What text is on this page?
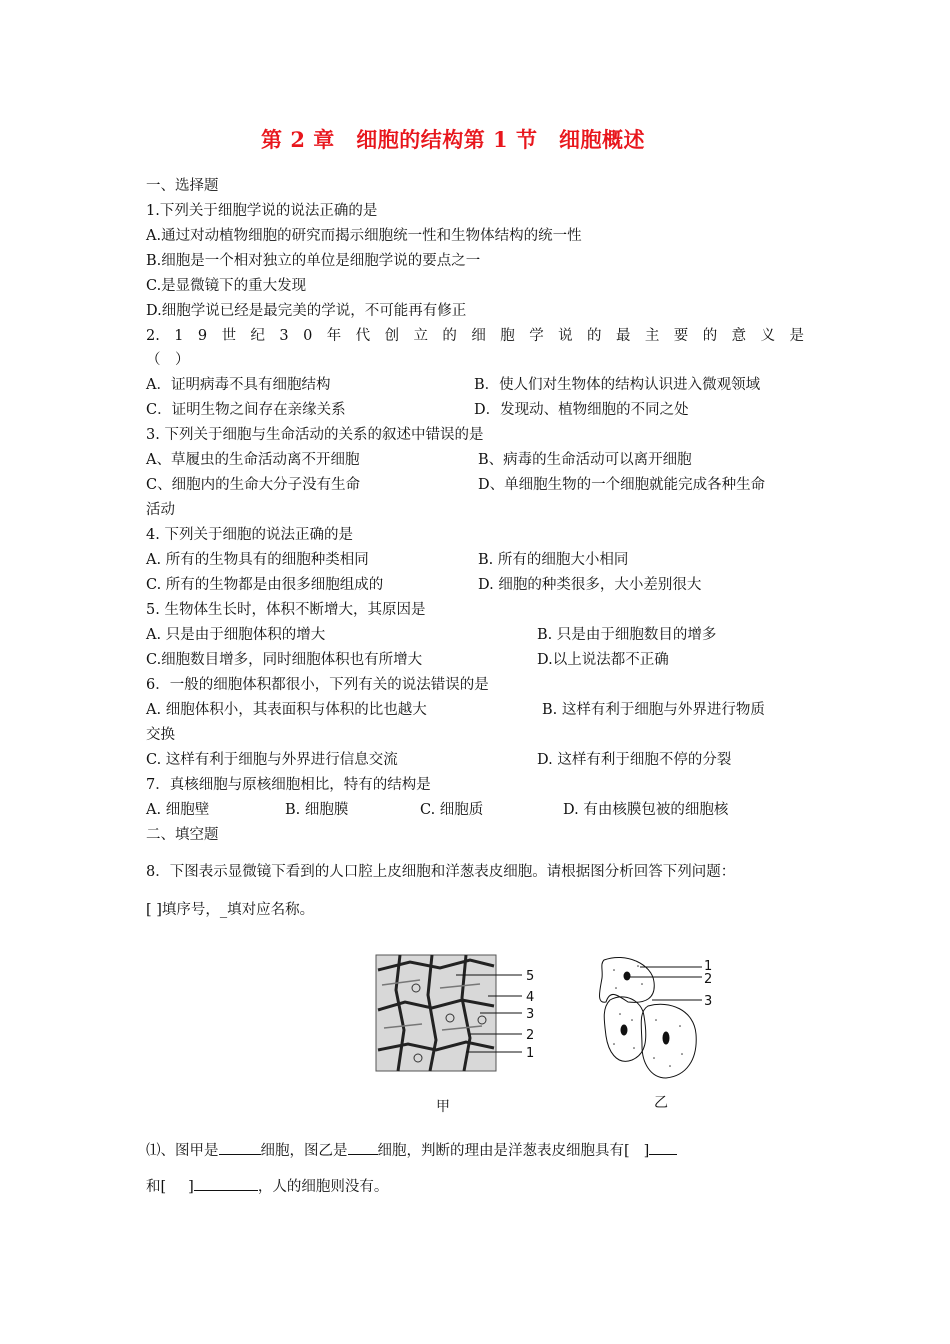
第 2 章　细胞的结构第 1 节　细胞概述
一、选择题
1.下列关于细胞学说的说法正确的是
A.通过对动植物细胞的研究而揭示细胞统一性和生物体结构的统一性
B.细胞是一个相对独立的单位是细胞学说的要点之一
C.是显微镜下的重大发现
D.细胞学说已经是最完美的学说，不可能再有修正
2. 1 9 世 纪 3 0 年 代 创 立 的 细 胞 学 说 的 最 主 要 的 意 义 是
（　）
A．证明病毒不具有细胞结构	B．使人们对生物体的结构认识进入微观领域
C．证明生物之间存在亲缘关系	D．发现动、植物细胞的不同之处
3. 下列关于细胞与生命活动的关系的叙述中错误的是
A、草履虫的生命活动离不开细胞	B、病毒的生命活动可以离开细胞
C、细胞内的生命大分子没有生命	D、单细胞生物的一个细胞就能完成各种生命
活动
4. 下列关于细胞的说法正确的是
A. 所有的生物具有的细胞种类相同	B. 所有的细胞大小相同
C. 所有的生物都是由很多细胞组成的	D. 细胞的种类很多，大小差别很大
5. 生物体生长时，体积不断增大，其原因是
A. 只是由于细胞体积的增大	B. 只是由于细胞数目的增多
C.细胞数目增多，同时细胞体积也有所增大	D.以上说法都不正确
6．一般的细胞体积都很小，下列有关的说法错误的是
A. 细胞体积小，其表面积与体积的比也越大	B. 这样有利于细胞与外界进行物质
交换
C. 这样有利于细胞与外界进行信息交流	D. 这样有利于细胞不停的分裂
7．真核细胞与原核细胞相比，特有的结构是
A. 细胞壁	B. 细胞膜	C. 细胞质	D. 有由核膜包被的细胞核
二、填空题
8．下图表示显微镜下看到的人口腔上皮细胞和洋葱表皮细胞。请根据图分析回答下列问题：
[ ]填序号，_填对应名称。
5
4
3
2
1
1
2
3
甲	乙
⑴、图甲是	细胞，图乙是 细胞，判断的理由是洋葱表皮细胞具有[ ]
和[ ]	，人的细胞则没有。
